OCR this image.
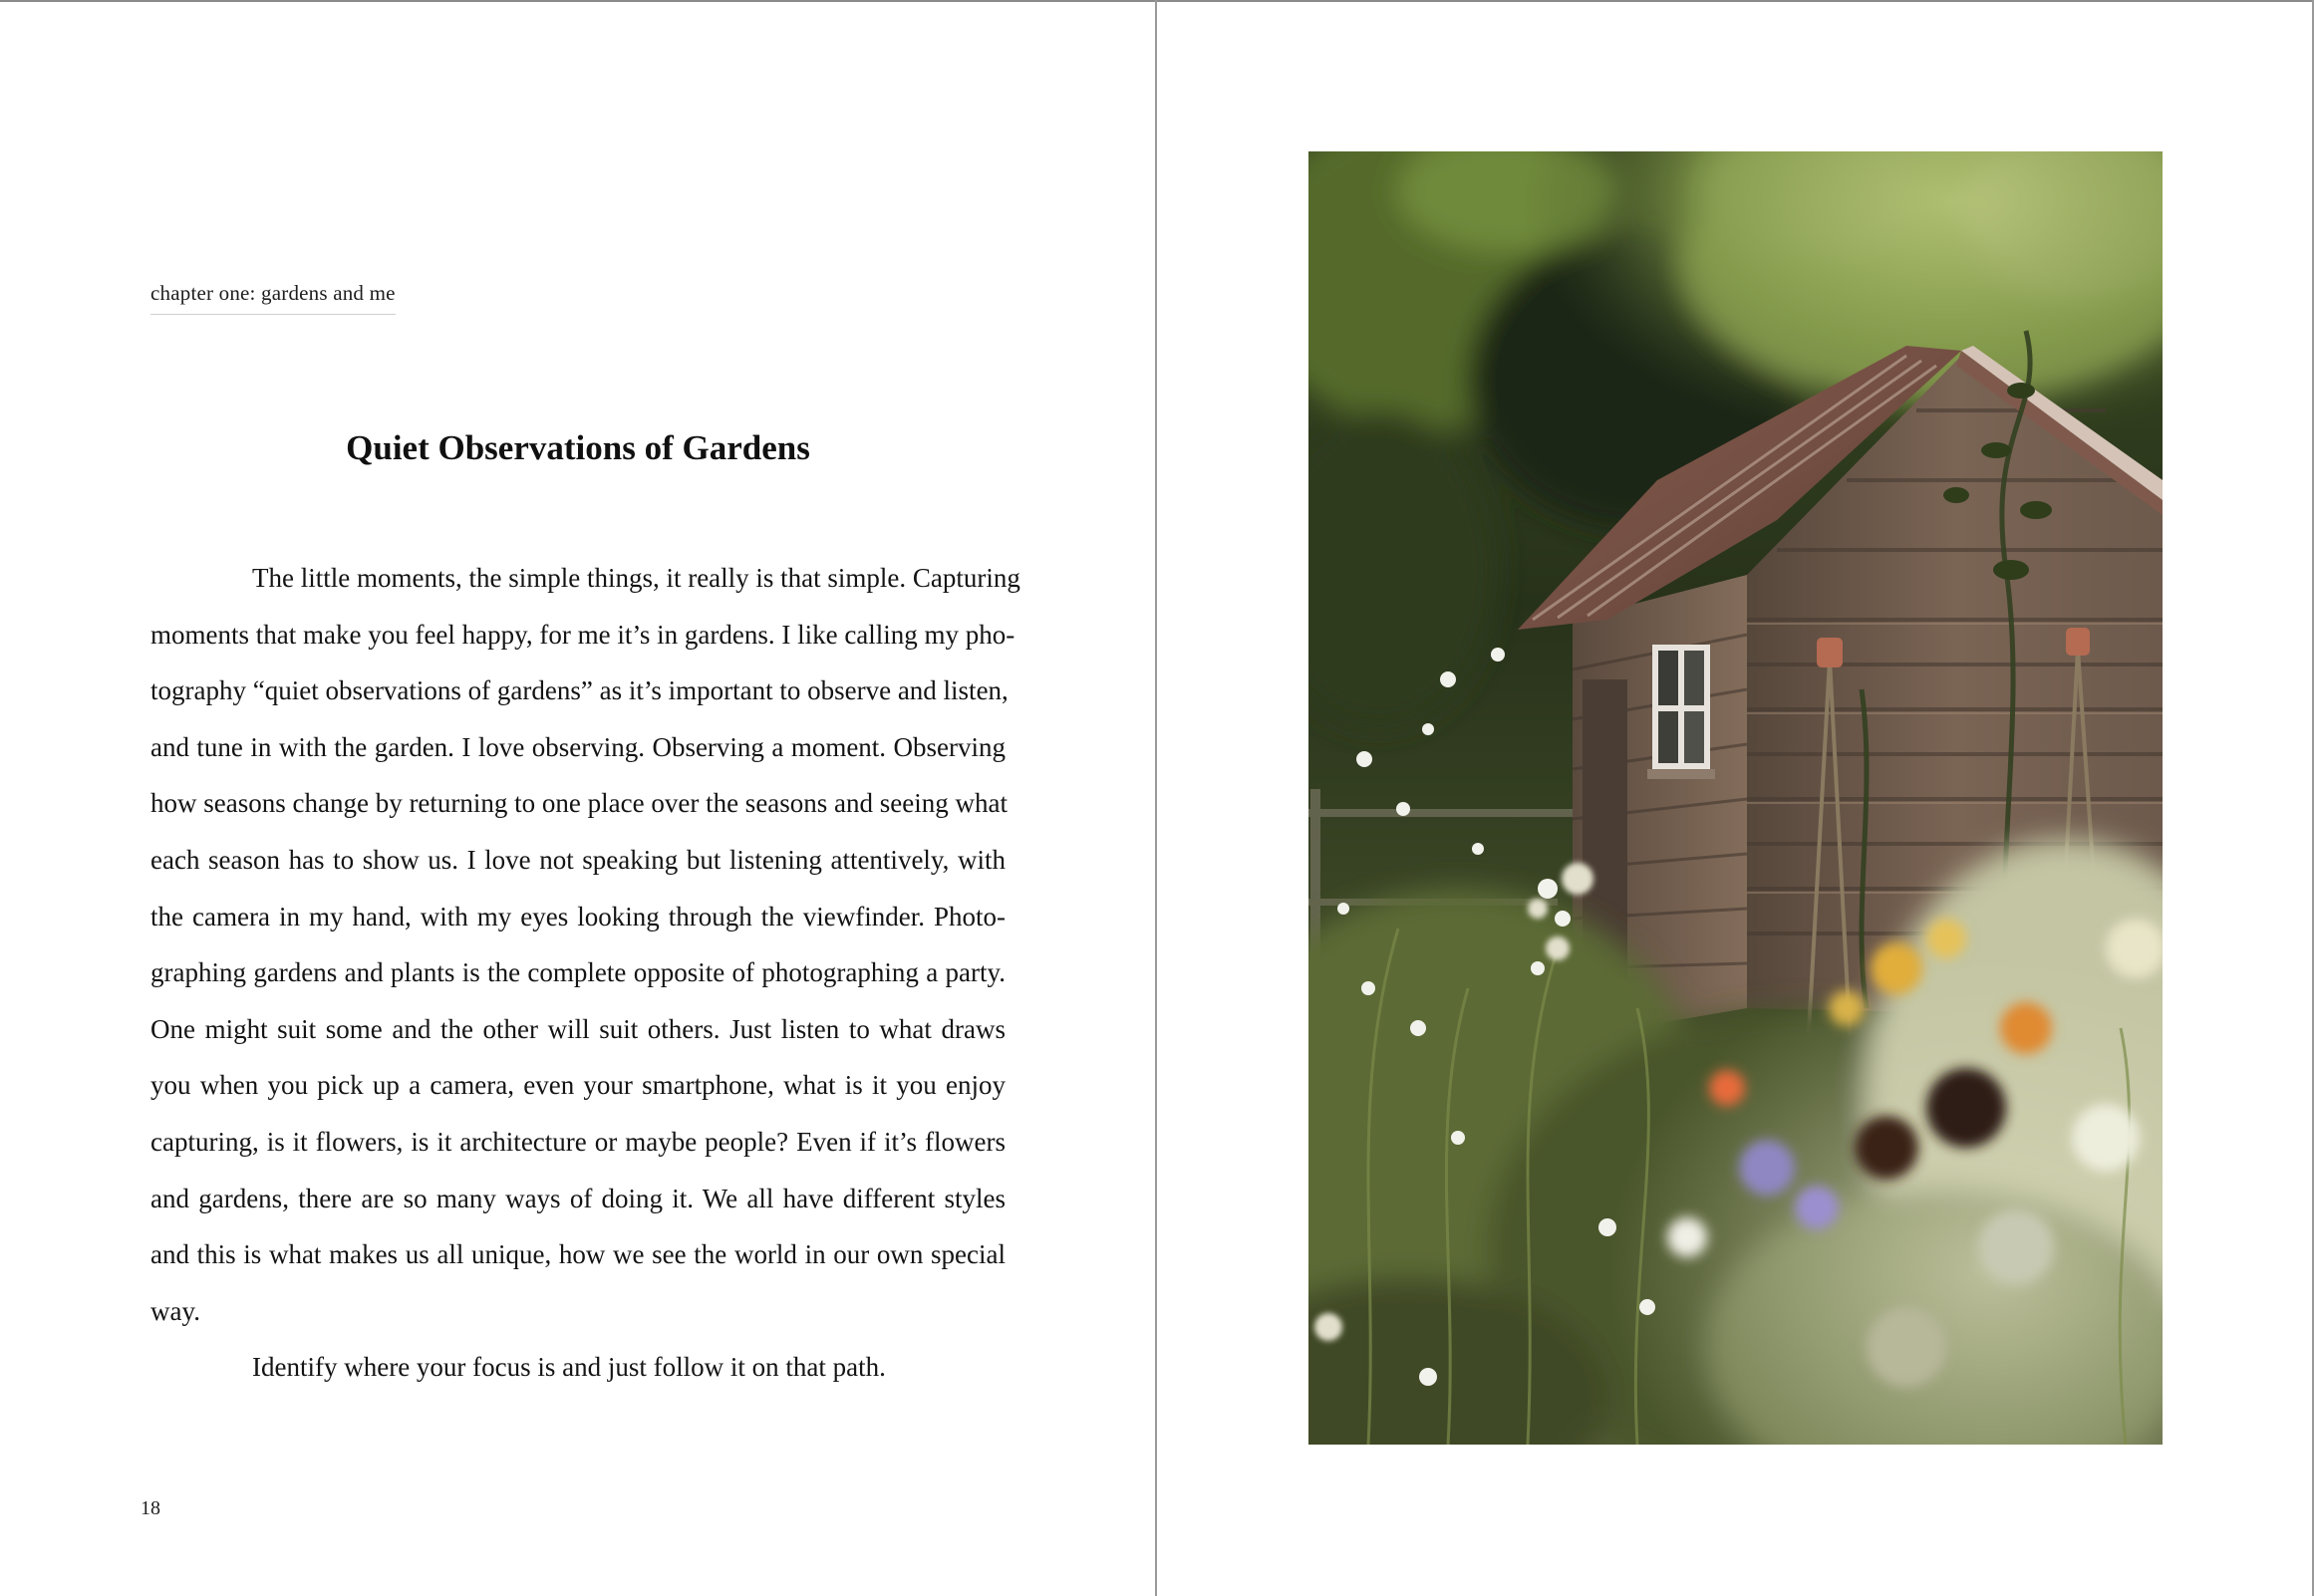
chapter one: gardens and me
Quiet Observations of Gardens
The little moments, the simple things, it really is that simple. Capturing
moments that make you feel happy, for me it’s in gardens. I like calling my pho-
tography “quiet observations of gardens” as it’s important to observe and listen,
and tune in with the garden. I love observing. Observing a moment. Observing
how seasons change by returning to one place over the seasons and seeing what
each season has to show us. I love not speaking but listening attentively, with
the camera in my hand, with my eyes looking through the viewfinder. Photo-
graphing gardens and plants is the complete opposite of photographing a party.
One might suit some and the other will suit others. Just listen to what draws
you when you pick up a camera, even your smartphone, what is it you enjoy
capturing, is it flowers, is it architecture or maybe people? Even if it’s flowers
and gardens, there are so many ways of doing it. We all have different styles
and this is what makes us all unique, how we see the world in our own special
way.
Identify where your focus is and just follow it on that path.
18
